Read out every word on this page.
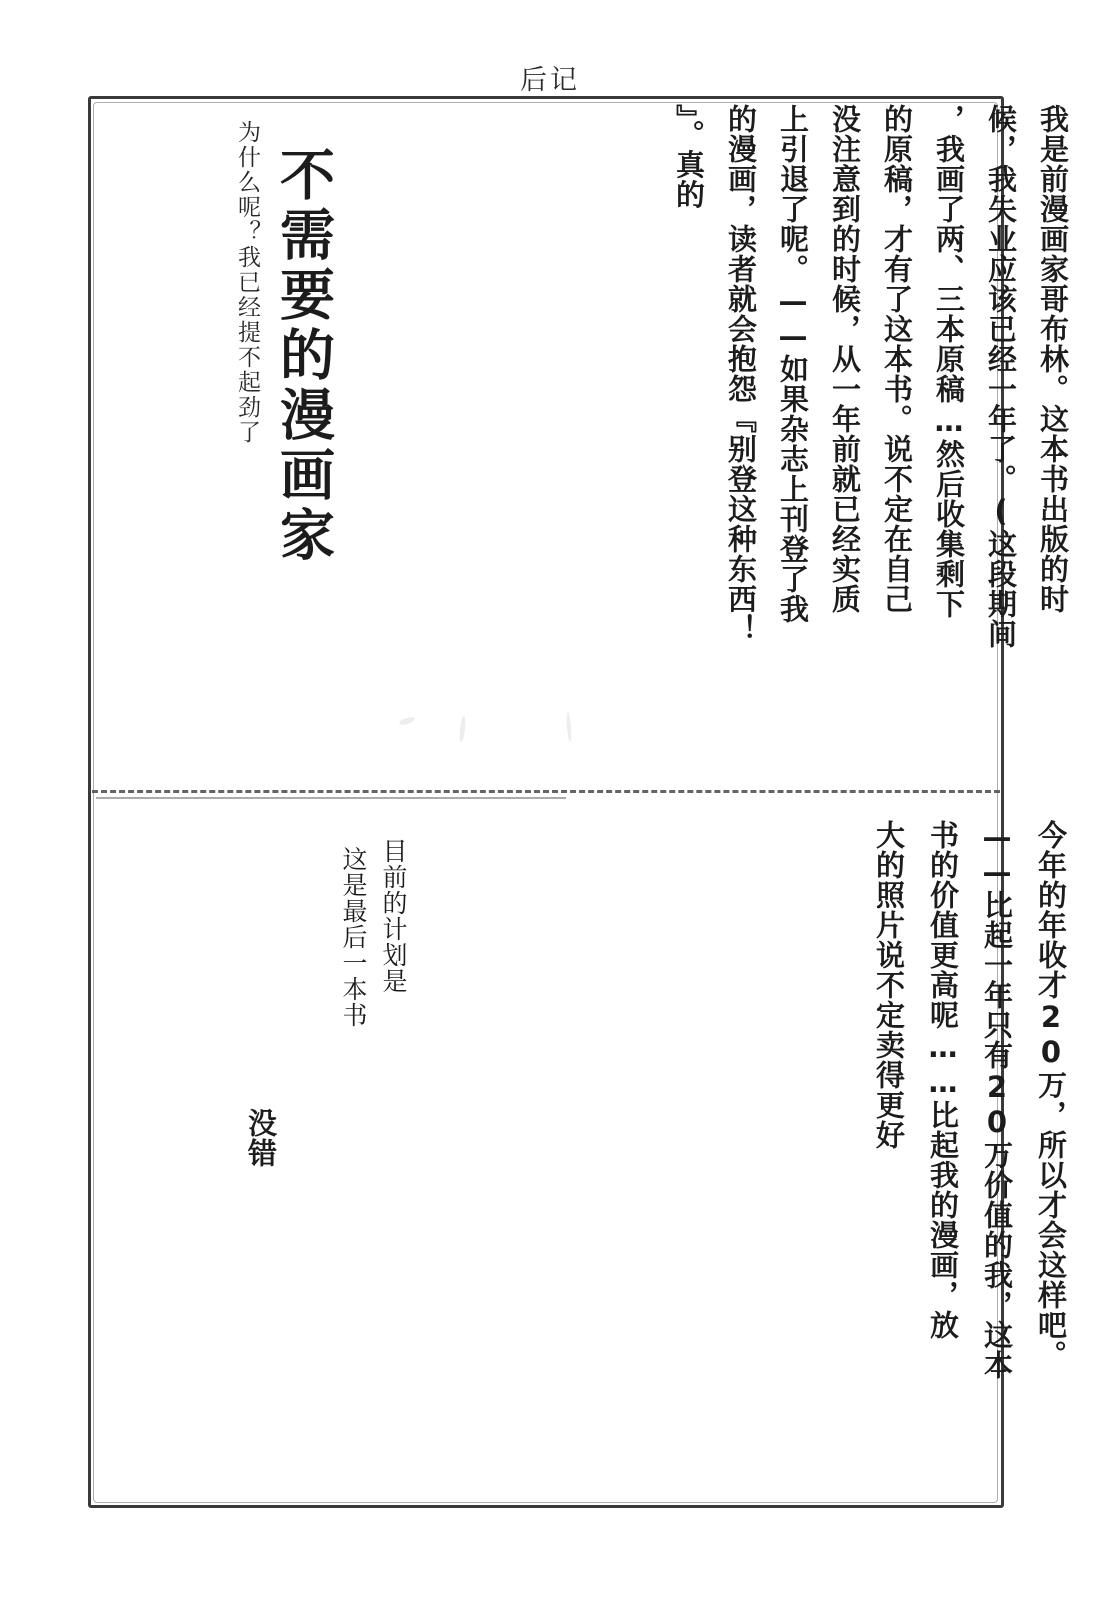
后记
不需要的漫画家
为什么呢？我已经提不起劲了	我是前漫画家哥布林。这本书出版的时
候，我失业应该已经一年了。(这段期间
，我画了两、三本原稿…然后收集剩下
的原稿，才有了这本书。说不定在自己
没注意到的时候，从一年前就已经实质
上引退了呢。——如果杂志上刊登了我
的漫画，读者就会抱怨『别登这种东西！
』。真的
今年的年收才20万，所以才会这样吧。
——比起一年只有20万价值的我，这本
书的价值更高呢……比起我的漫画，放
大的照片说不定卖得更好
目前的计划是
这是最后一本书
没错
